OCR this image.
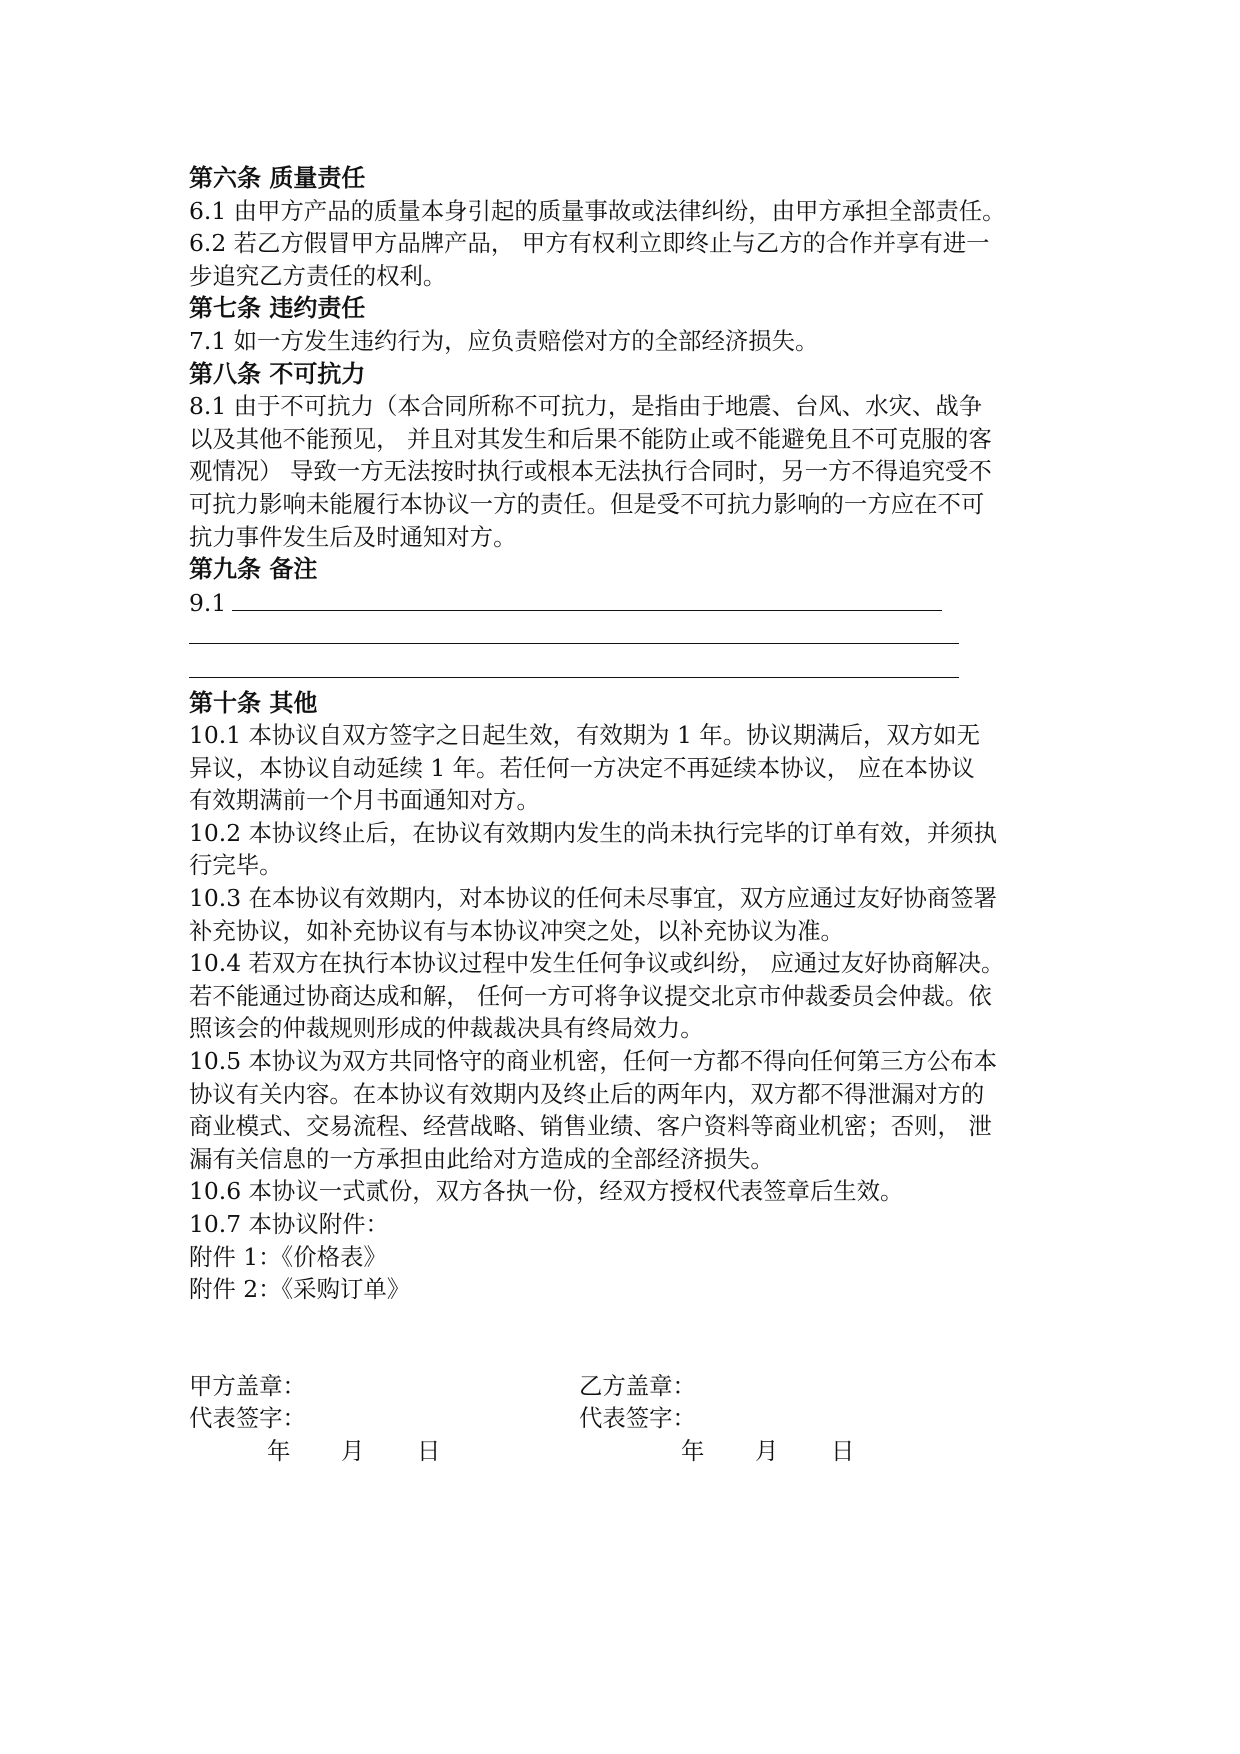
第六条 质量责任
6.1 由甲方产品的质量本身引起的质量事故或法律纠纷，由甲方承担全部责任。
6.2 若乙方假冒甲方品牌产品， 甲方有权利立即终止与乙方的合作并享有进一
步追究乙方责任的权利。
第七条 违约责任
7.1 如一方发生违约行为，应负责赔偿对方的全部经济损失。
第八条 不可抗力
8.1 由于不可抗力（本合同所称不可抗力，是指由于地震、台风、水灾、战争
以及其他不能预见， 并且对其发生和后果不能防止或不能避免且不可克服的客
观情况） 导致一方无法按时执行或根本无法执行合同时，另一方不得追究受不
可抗力影响未能履行本协议一方的责任。但是受不可抗力影响的一方应在不可
抗力事件发生后及时通知对方。
第九条 备注
9.1
第十条 其他
10.1 本协议自双方签字之日起生效，有效期为 1 年。协议期满后，双方如无
异议，本协议自动延续 1 年。若任何一方决定不再延续本协议， 应在本协议
有效期满前一个月书面通知对方。
10.2 本协议终止后，在协议有效期内发生的尚未执行完毕的订单有效，并须执
行完毕。
10.3 在本协议有效期内，对本协议的任何未尽事宜，双方应通过友好协商签署
补充协议，如补充协议有与本协议冲突之处，以补充协议为准。
10.4 若双方在执行本协议过程中发生任何争议或纠纷， 应通过友好协商解决。
若不能通过协商达成和解， 任何一方可将争议提交北京市仲裁委员会仲裁。依
照该会的仲裁规则形成的仲裁裁决具有终局效力。
10.5 本协议为双方共同恪守的商业机密，任何一方都不得向任何第三方公布本
协议有关内容。在本协议有效期内及终止后的两年内，双方都不得泄漏对方的
商业模式、交易流程、经营战略、销售业绩、客户资料等商业机密；否则， 泄
漏有关信息的一方承担由此给对方造成的全部经济损失。
10.6 本协议一式贰份，双方各执一份，经双方授权代表签章后生效。
10.7 本协议附件：
附件 1：《价格表》
附件 2：《采购订单》
甲方盖章：	乙方盖章：
代表签字：	代表签字：
年 月 日	年 月 日
